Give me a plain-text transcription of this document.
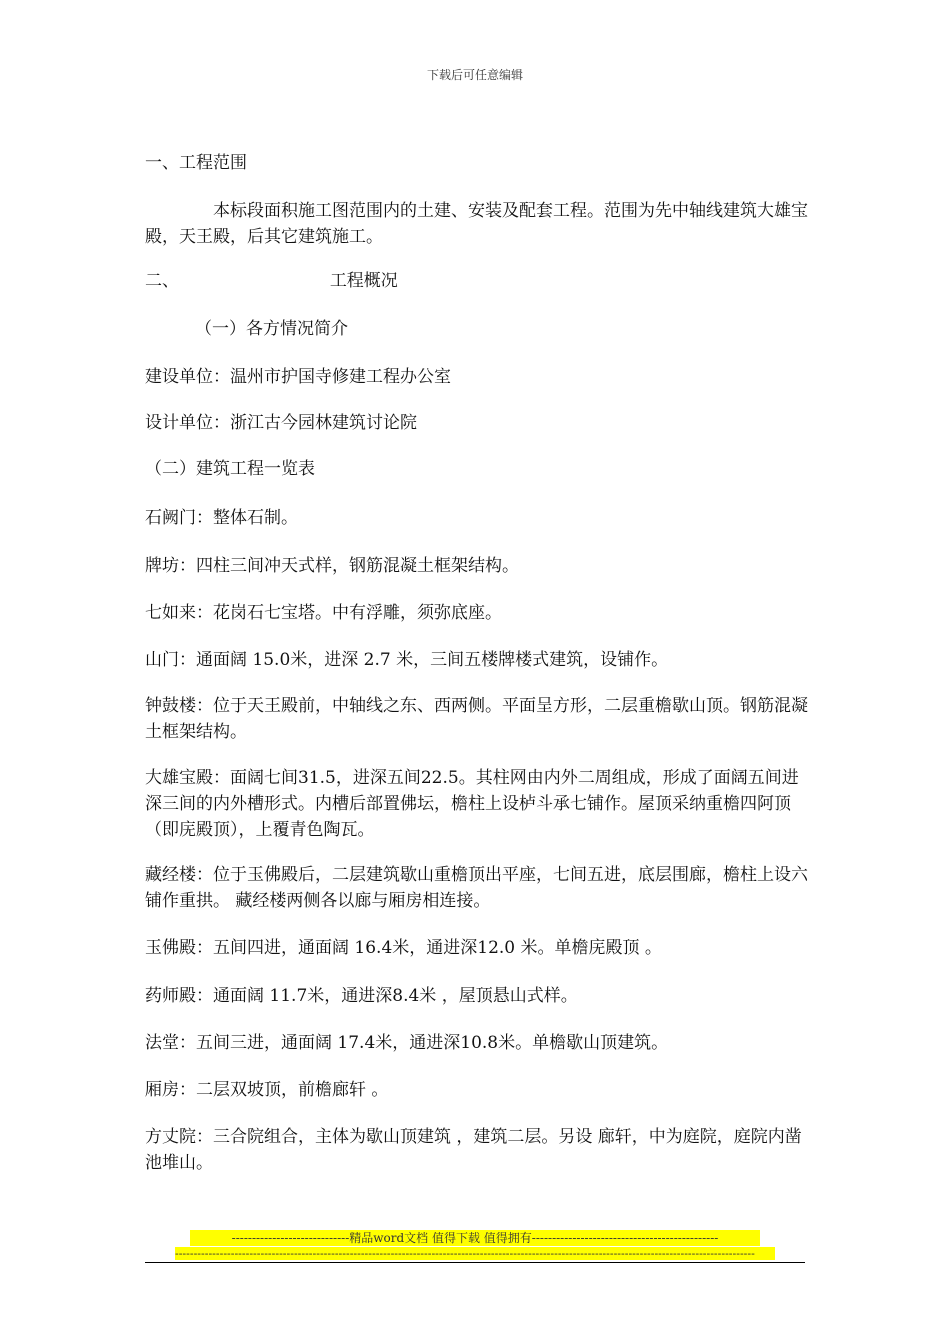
下载后可任意编辑
一、工程范围
本标段面积施工图范围内的土建、安装及配套工程。范围为先中轴线建筑大雄宝殿，天王殿，后其它建筑施工。
二、	工程概况
（一）各方情况简介
建设单位：温州市护国寺修建工程办公室
设计单位：浙江古今园林建筑讨论院
（二）建筑工程一览表
石阙门：整体石制。
牌坊：四柱三间冲天式样，钢筋混凝土框架结构。
七如来：花岗石七宝塔。中有浮雕，须弥底座。
山门：通面阔 15.0米，进深 2.7 米，三间五楼牌楼式建筑，设铺作。
钟鼓楼：位于天王殿前，中轴线之东、西两侧。平面呈方形，二层重檐歇山顶。钢筋混凝土框架结构。
大雄宝殿：面阔七间31.5，进深五间22.5。其柱网由内外二周组成，形成了面阔五间进深三间的内外槽形式。内槽后部置佛坛，檐柱上设栌斗承七铺作。屋顶采纳重檐四阿顶（即庑殿顶），上覆青色陶瓦。
藏经楼：位于玉佛殿后，二层建筑歇山重檐顶出平座，七间五进，底层围廊，檐柱上设六铺作重拱。 藏经楼两侧各以廊与厢房相连接。
玉佛殿：五间四进，通面阔 16.4米，通进深12.0 米。单檐庑殿顶 。
药师殿：通面阔 11.7米，通进深8.4米 ，屋顶悬山式样。
法堂：五间三进，通面阔 17.4米，通进深10.8米。单檐歇山顶建筑。
厢房：二层双坡顶，前檐廊轩 。
方丈院：三合院组合，主体为歇山顶建筑 ，建筑二层。另设 廊轩，中为庭院，庭院内凿池堆山。
-----------------------------精品word文档 值得下载 值得拥有----------------------------------------------
------------------------------------------------------------------------------------------------------------------------------------------------------------
